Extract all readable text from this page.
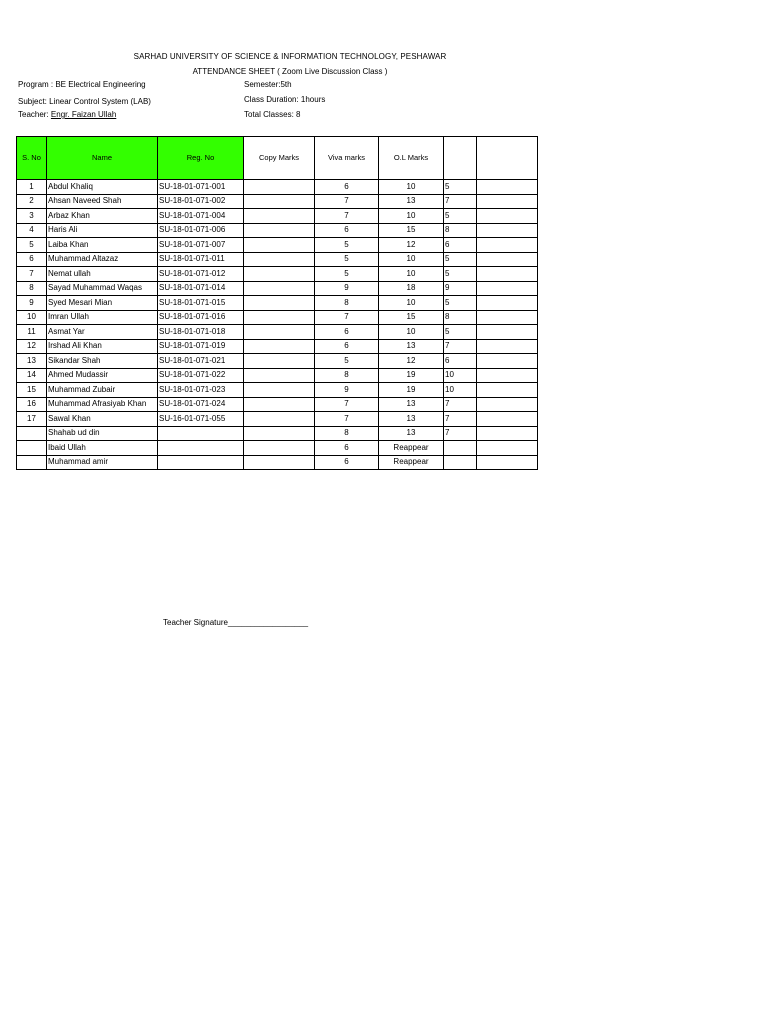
SARHAD UNIVERSITY OF SCIENCE & INFORMATION TECHNOLOGY, PESHAWAR
ATTENDANCE SHEET ( Zoom Live Discussion Class )
Program : BE Electrical Engineering	Semester:5th
Subject: Linear Control System (LAB)	Class Duration: 1hours
Teacher: Engr. Faizan Ullah	Total Classes: 8
S. No	Name	Reg. No	Copy Marks	Viva marks	O.L Marks		
1	Abdul Khaliq	SU-18-01-071-001		6	10	5	
2	Ahsan Naveed Shah	SU-18-01-071-002		7	13	7	
3	Arbaz Khan	SU-18-01-071-004		7	10	5	
4	Haris Ali	SU-18-01-071-006		6	15	8	
5	Laiba Khan	SU-18-01-071-007		5	12	6	
6	Muhammad Altazaz	SU-18-01-071-011		5	10	5	
7	Nemat ullah	SU-18-01-071-012		5	10	5	
8	Sayad Muhammad Waqas	SU-18-01-071-014		9	18	9	
9	Syed Mesari Mian	SU-18-01-071-015		8	10	5	
10	Imran Ullah	SU-18-01-071-016		7	15	8	
11	Asmat Yar	SU-18-01-071-018		6	10	5	
12	Irshad Ali Khan	SU-18-01-071-019		6	13	7	
13	Sikandar Shah	SU-18-01-071-021		5	12	6	
14	Ahmed Mudassir	SU-18-01-071-022		8	19	10	
15	Muhammad Zubair	SU-18-01-071-023		9	19	10	
16	Muhammad Afrasiyab Khan	SU-18-01-071-024		7	13	7	
17	Sawal Khan	SU-16-01-071-055		7	13	7	
	Shahab ud din			8	13	7	
	Ibaid Ullah			6	Reappear		
	Muhammad amir			6	Reappear		
Teacher Signature__________________
